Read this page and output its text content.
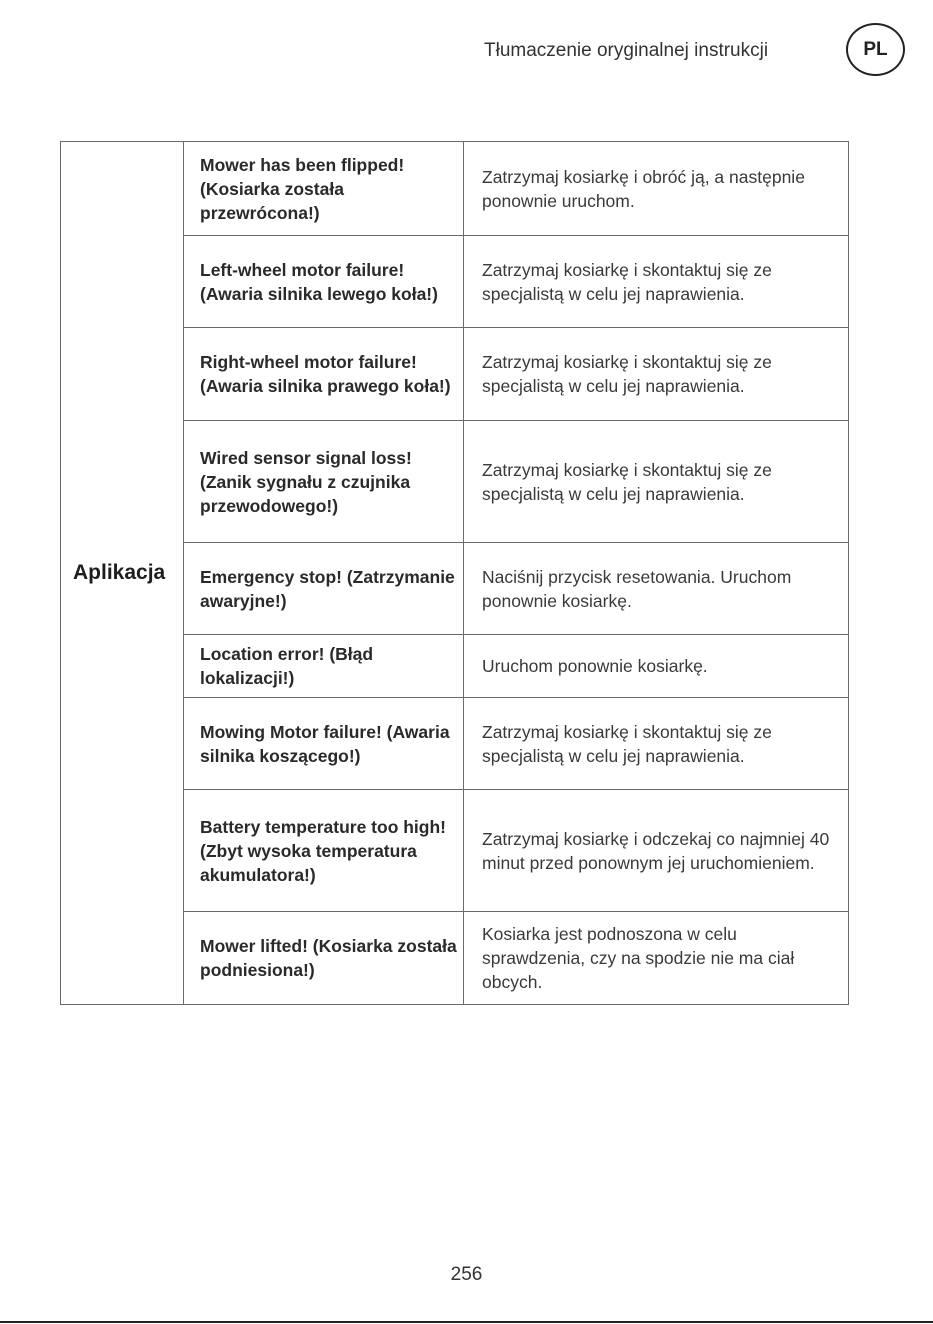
Tłumaczenie oryginalnej instrukcji	PL
Aplikacja	Mower has been flipped! (Kosiarka została przewrócona!)	Zatrzymaj kosiarkę i obróć ją, a następnie ponownie uruchom.
	Left-wheel motor failure! (Awaria silnika lewego koła!)	Zatrzymaj kosiarkę i skontaktuj się ze specjalistą w celu jej naprawienia.
	Right-wheel motor failure! (Awaria silnika prawego koła!)	Zatrzymaj kosiarkę i skontaktuj się ze specjalistą w celu jej naprawienia.
	Wired sensor signal loss! (Zanik sygnału z czujnika przewodowego!)	Zatrzymaj kosiarkę i skontaktuj się ze specjalistą w celu jej naprawienia.
	Emergency stop! (Zatrzymanie awaryjne!)	Naciśnij przycisk resetowania. Uruchom ponownie kosiarkę.
	Location error! (Błąd lokalizacji!)	Uruchom ponownie kosiarkę.
	Mowing Motor failure! (Awaria silnika koszącego!)	Zatrzymaj kosiarkę i skontaktuj się ze specjalistą w celu jej naprawienia.
	Battery temperature too high! (Zbyt wysoka temperatura akumulatora!)	Zatrzymaj kosiarkę i odczekaj co najmniej 40 minut przed ponownym jej uruchomieniem.
	Mower lifted! (Kosiarka została podniesiona!)	Kosiarka jest podnoszona w celu sprawdzenia, czy na spodzie nie ma ciał obcych.
256
